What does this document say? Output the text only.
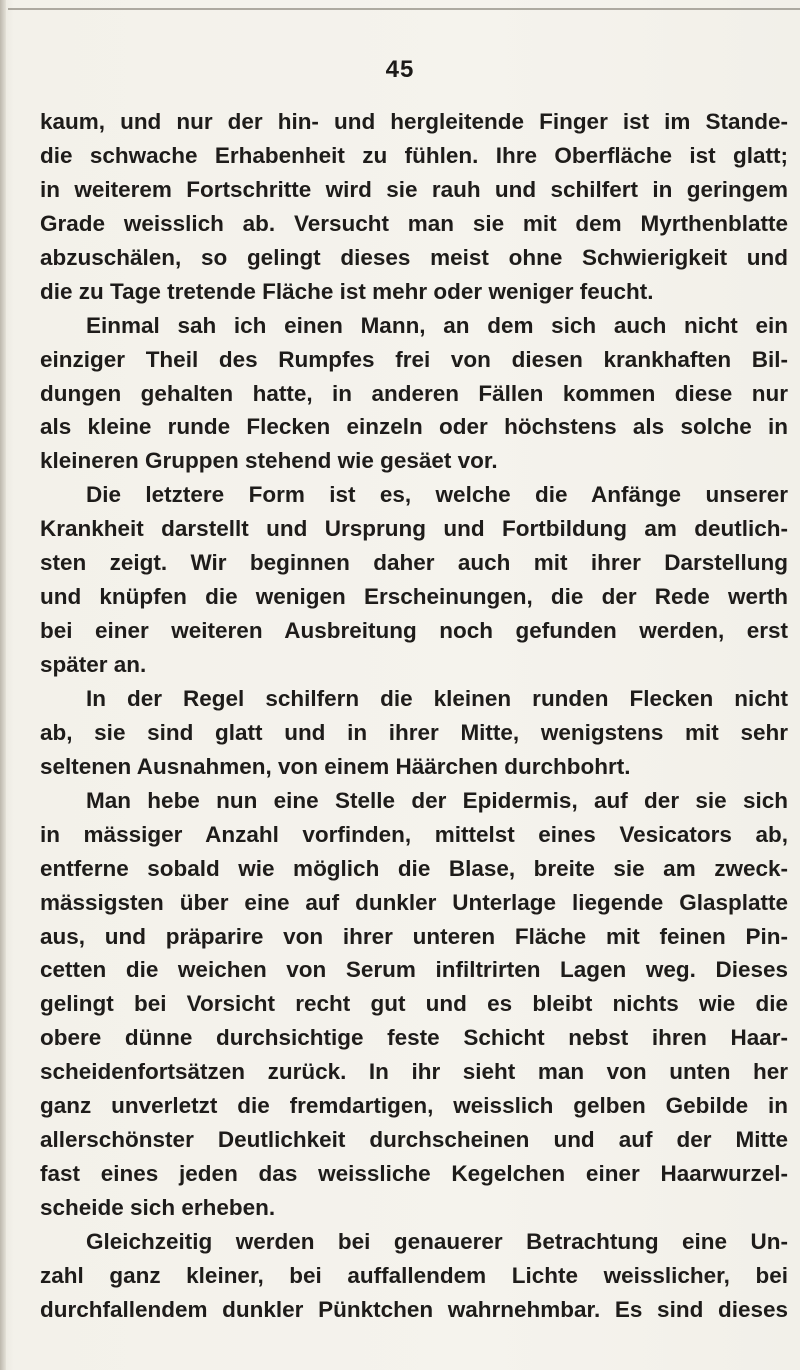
45
kaum, und nur der hin- und hergleitende Finger ist im Stande-
die schwache Erhabenheit zu fühlen. Ihre Oberfläche ist glatt;
in weiterem Fortschritte wird sie rauh und schilfert in geringem
Grade weisslich ab. Versucht man sie mit dem Myrthenblatte
abzuschälen, so gelingt dieses meist ohne Schwierigkeit und
die zu Tage tretende Fläche ist mehr oder weniger feucht.
Einmal sah ich einen Mann, an dem sich auch nicht ein
einziger Theil des Rumpfes frei von diesen krankhaften Bil-
dungen gehalten hatte, in anderen Fällen kommen diese nur
als kleine runde Flecken einzeln oder höchstens als solche in
kleineren Gruppen stehend wie gesäet vor.
Die letztere Form ist es, welche die Anfänge unserer
Krankheit darstellt und Ursprung und Fortbildung am deutlich-
sten zeigt. Wir beginnen daher auch mit ihrer Darstellung
und knüpfen die wenigen Erscheinungen, die der Rede werth
bei einer weiteren Ausbreitung noch gefunden werden, erst
später an.
In der Regel schilfern die kleinen runden Flecken nicht
ab, sie sind glatt und in ihrer Mitte, wenigstens mit sehr
seltenen Ausnahmen, von einem Häärchen durchbohrt.
Man hebe nun eine Stelle der Epidermis, auf der sie sich
in mässiger Anzahl vorfinden, mittelst eines Vesicators ab,
entferne sobald wie möglich die Blase, breite sie am zweck-
mässigsten über eine auf dunkler Unterlage liegende Glasplatte
aus, und präparire von ihrer unteren Fläche mit feinen Pin-
cetten die weichen von Serum infiltrirten Lagen weg. Dieses
gelingt bei Vorsicht recht gut und es bleibt nichts wie die
obere dünne durchsichtige feste Schicht nebst ihren Haar-
scheidenfortsätzen zurück. In ihr sieht man von unten her
ganz unverletzt die fremdartigen, weisslich gelben Gebilde in
allerschönster Deutlichkeit durchscheinen und auf der Mitte
fast eines jeden das weissliche Kegelchen einer Haarwurzel-
scheide sich erheben.
Gleichzeitig werden bei genauerer Betrachtung eine Un-
zahl ganz kleiner, bei auffallendem Lichte weisslicher, bei
durchfallendem dunkler Pünktchen wahrnehmbar. Es sind dieses
